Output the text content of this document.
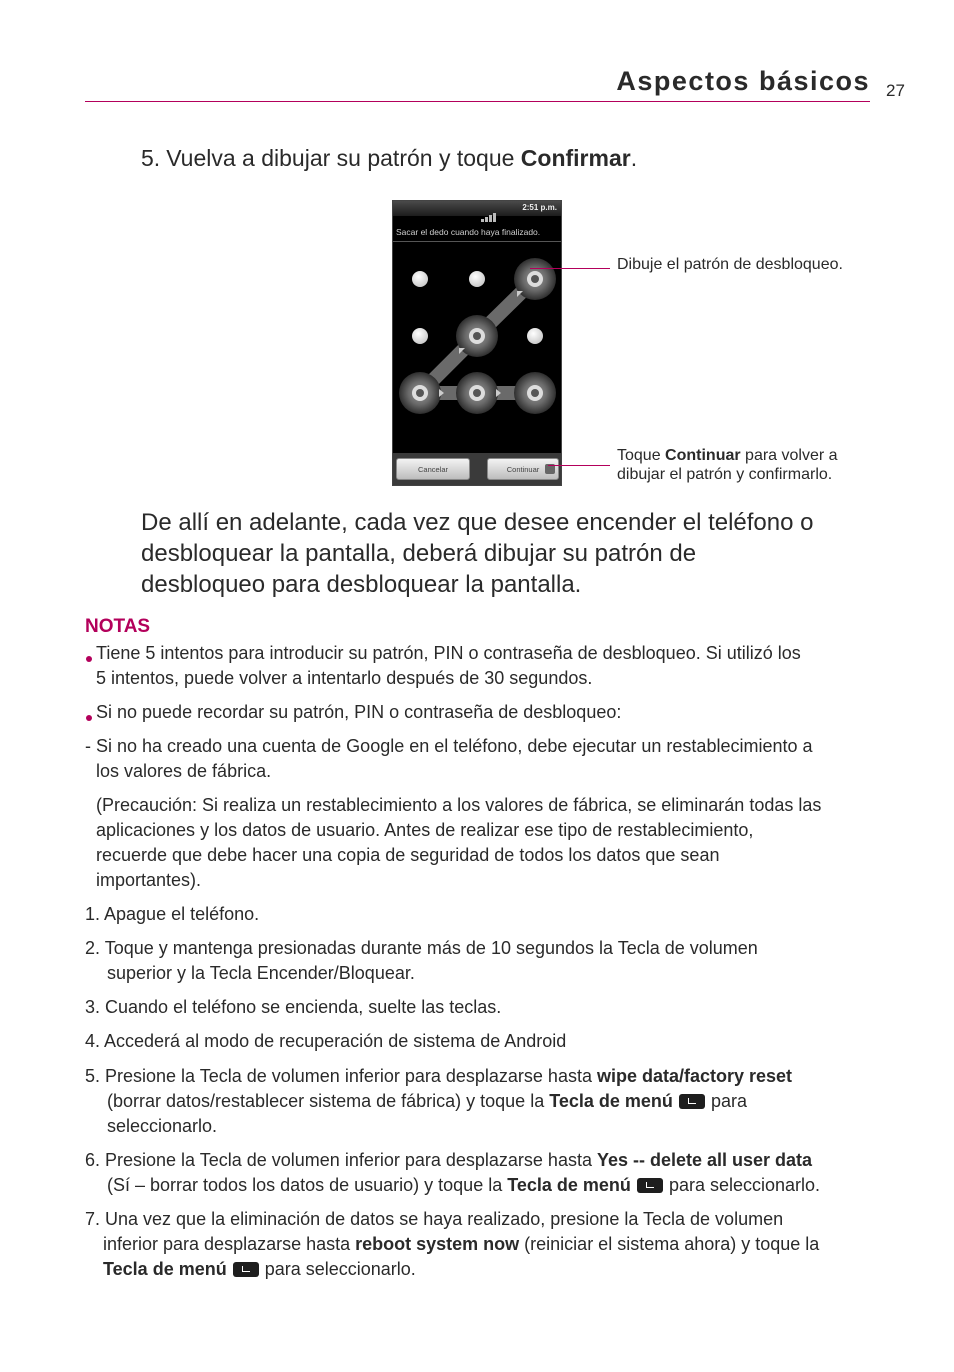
Aspectos básicos 27
5. Vuelva a dibujar su patrón y toque Confirmar.
2:51 p.m.
Sacar el dedo cuando haya finalizado.
Cancelar	Continuar
Dibuje el patrón de desbloqueo.
Toque Continuar para volver a
dibujar el patrón y confirmarlo.
De allí en adelante, cada vez que desee encender el teléfono o
desbloquear la pantalla, deberá dibujar su patrón de
desbloqueo para desbloquear la pantalla.
NOTAS
Tiene 5 intentos para introducir su patrón, PIN o contraseña de desbloqueo. Si utilizó los
5 intentos, puede volver a intentarlo después de 30 segundos.
Si no puede recordar su patrón, PIN o contraseña de desbloqueo:
- Si no ha creado una cuenta de Google en el teléfono, debe ejecutar un restablecimiento a
los valores de fábrica.
(Precaución: Si realiza un restablecimiento a los valores de fábrica, se eliminarán todas las
aplicaciones y los datos de usuario. Antes de realizar ese tipo de restablecimiento,
recuerde que debe hacer una copia de seguridad de todos los datos que sean
importantes).
1. Apague el teléfono.
2. Toque y mantenga presionadas durante más de 10 segundos la Tecla de volumen
superior y la Tecla Encender/Bloquear.
3. Cuando el teléfono se encienda, suelte las teclas.
4. Accederá al modo de recuperación de sistema de Android
5. Presione la Tecla de volumen inferior para desplazarse hasta wipe data/factory reset
(borrar datos/restablecer sistema de fábrica) y toque la Tecla de menú para
seleccionarlo.
6. Presione la Tecla de volumen inferior para desplazarse hasta Yes -- delete all user data
(Sí – borrar todos los datos de usuario) y toque la Tecla de menú para seleccionarlo.
7. Una vez que la eliminación de datos se haya realizado, presione la Tecla de volumen
inferior para desplazarse hasta reboot system now (reiniciar el sistema ahora) y toque la
Tecla de menú para seleccionarlo.
